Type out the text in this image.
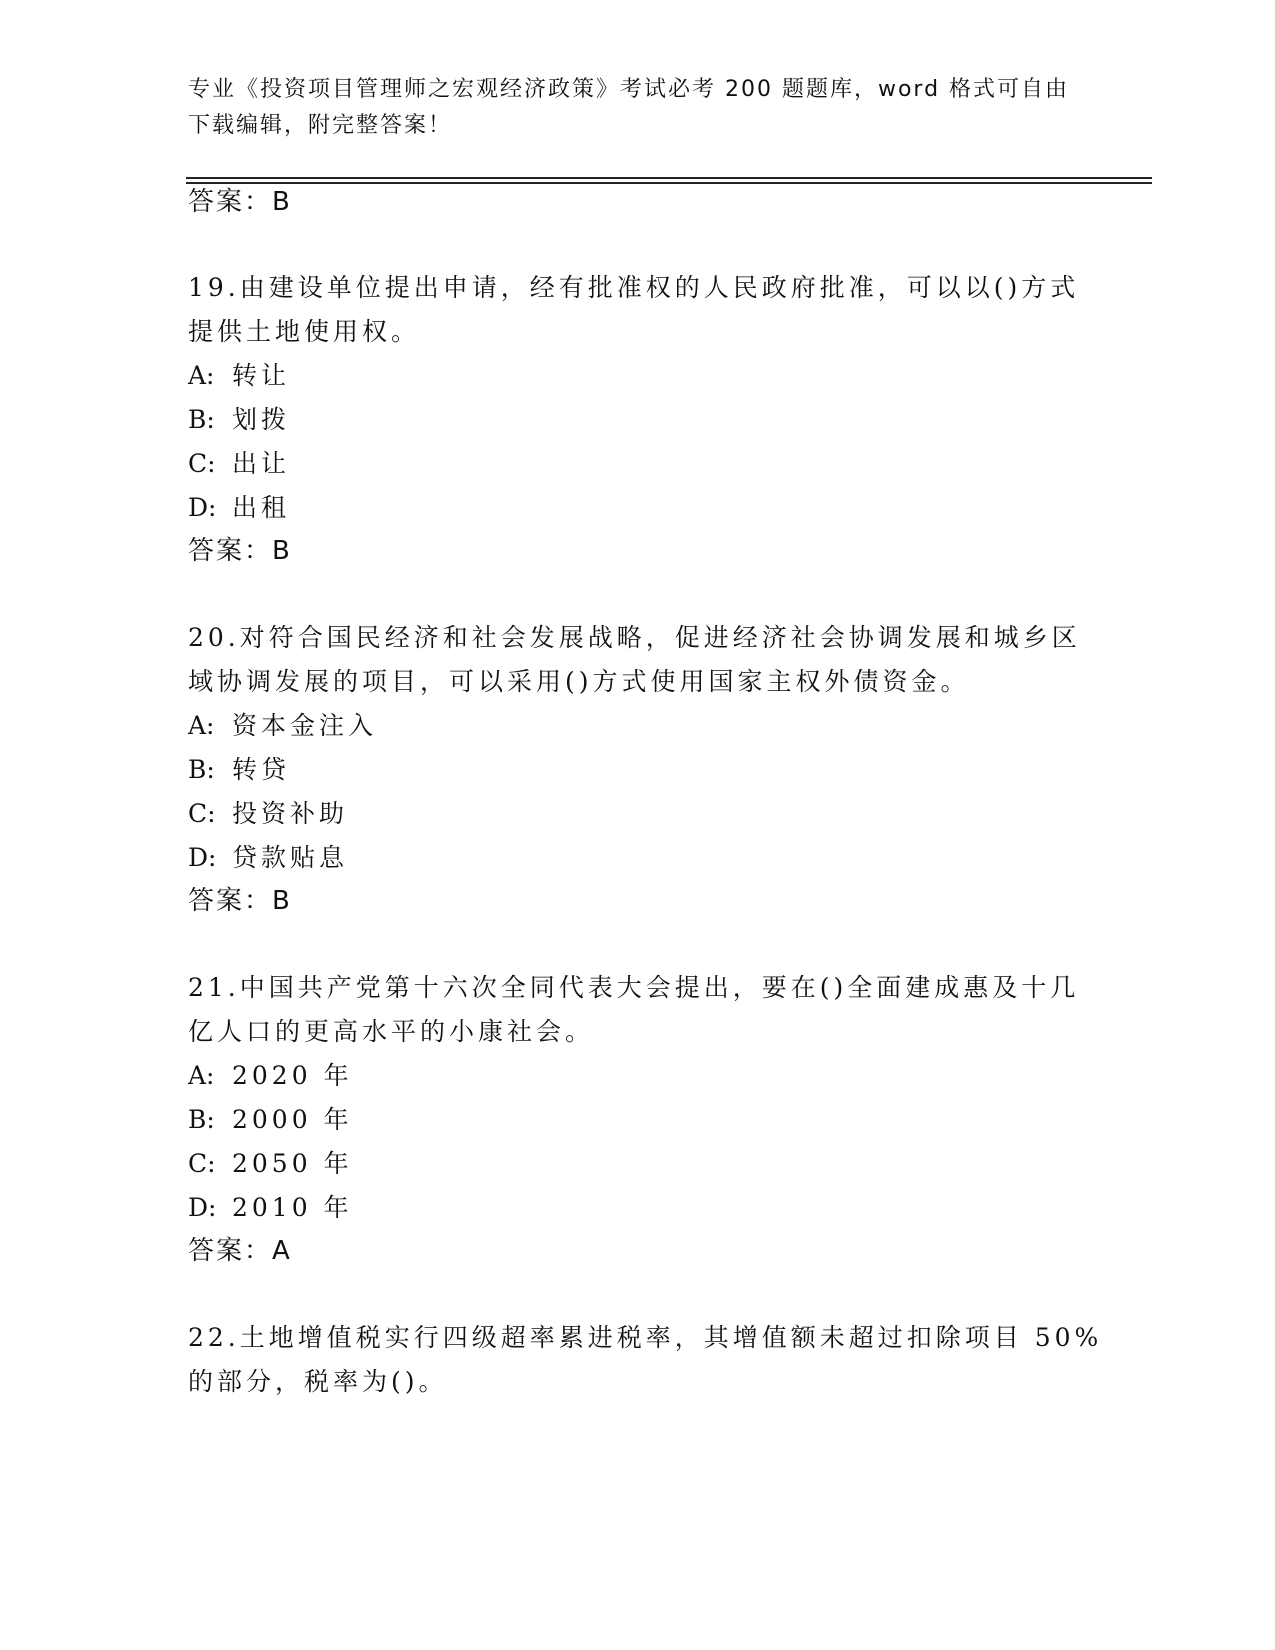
专业《投资项目管理师之宏观经济政策》考试必考 200 题题库，word 格式可自由
下载编辑，附完整答案！
答案：B
19.由建设单位提出申请，经有批准权的人民政府批准，可以以()方式
提供土地使用权。
A: 转让
B: 划拨
C: 出让
D: 出租
答案：B
20.对符合国民经济和社会发展战略，促进经济社会协调发展和城乡区
域协调发展的项目，可以采用()方式使用国家主权外债资金。
A: 资本金注入
B: 转贷
C: 投资补助
D: 贷款贴息
答案：B
21.中国共产党第十六次全同代表大会提出，要在()全面建成惠及十几
亿人口的更高水平的小康社会。
A: 2020 年
B: 2000 年
C: 2050 年
D: 2010 年
答案：A
22.土地增值税实行四级超率累进税率，其增值额未超过扣除项目 50%
的部分，税率为()。
